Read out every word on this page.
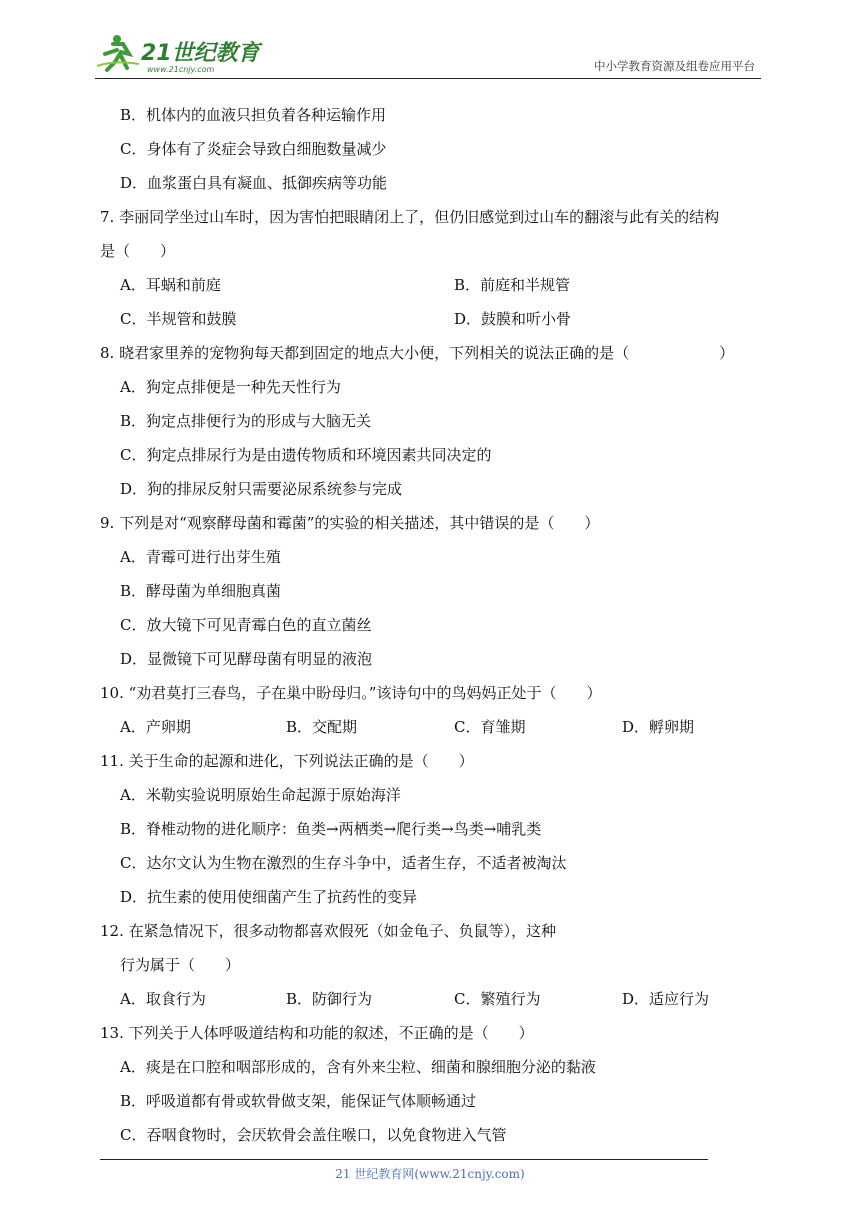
21世纪教育
www.21cnjy.com	中小学教育资源及组卷应用平台
B．机体内的血液只担负着各种运输作用
C．身体有了炎症会导致白细胞数量减少
D．血浆蛋白具有凝血、抵御疾病等功能
7. 李丽同学坐过山车时，因为害怕把眼睛闭上了，但仍旧感觉到过山车的翻滚与此有关的结构
是（　　）
A．耳蜗和前庭	B．前庭和半规管
C．半规管和鼓膜	D．鼓膜和听小骨
8. 晓君家里养的宠物狗每天都到固定的地点大小便，下列相关的说法正确的是（　　　　　　）
A．狗定点排便是一种先天性行为
B．狗定点排便行为的形成与大脑无关
C．狗定点排尿行为是由遗传物质和环境因素共同决定的
D．狗的排尿反射只需要泌尿系统参与完成
9. 下列是对“观察酵母菌和霉菌”的实验的相关描述，其中错误的是（　　）
A．青霉可进行出芽生殖
B．酵母菌为单细胞真菌
C．放大镜下可见青霉白色的直立菌丝
D．显微镜下可见酵母菌有明显的液泡
10. “劝君莫打三春鸟，子在巢中盼母归。”该诗句中的鸟妈妈正处于（　　）
A．产卵期	B．交配期	C．育雏期	D．孵卵期
11. 关于生命的起源和进化，下列说法正确的是（　　）
A．米勒实验说明原始生命起源于原始海洋
B．脊椎动物的进化顺序：鱼类→两栖类→爬行类→鸟类→哺乳类
C．达尔文认为生物在激烈的生存斗争中，适者生存，不适者被淘汰
D．抗生素的使用使细菌产生了抗药性的变异
12. 在紧急情况下，很多动物都喜欢假死（如金龟子、负鼠等），这种
行为属于（　　）
A．取食行为	B．防御行为	C．繁殖行为	D．适应行为
13. 下列关于人体呼吸道结构和功能的叙述，不正确的是（　　）
A．痰是在口腔和咽部形成的，含有外来尘粒、细菌和腺细胞分泌的黏液
B．呼吸道都有骨或软骨做支架，能保证气体顺畅通过
C．吞咽食物时，会厌软骨会盖住喉口，以免食物进入气管
21 世纪教育网(www.21cnjy.com)
